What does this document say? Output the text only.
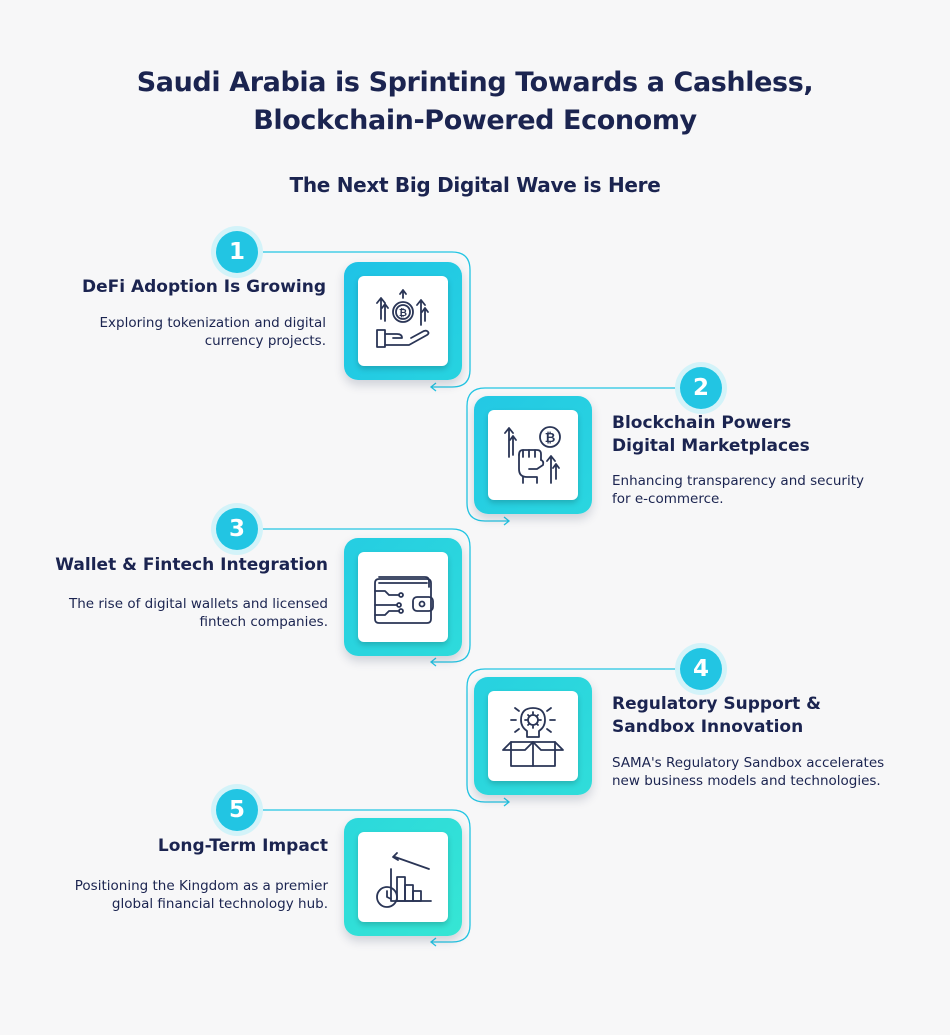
Saudi Arabia is Sprinting Towards a Cashless,
Blockchain-Powered Economy
The Next Big Digital Wave is Here
1
₿
DeFi Adoption Is Growing
Exploring tokenization and digital
currency projects.
2
₿
Blockchain Powers
Digital Marketplaces
Enhancing transparency and security
for e-commerce.
3
Wallet & Fintech Integration
The rise of digital wallets and licensed
fintech companies.
4
Regulatory Support &
Sandbox Innovation
SAMA's Regulatory Sandbox accelerates
new business models and technologies.
5
Long-Term Impact
Positioning the Kingdom as a premier
global financial technology hub.
